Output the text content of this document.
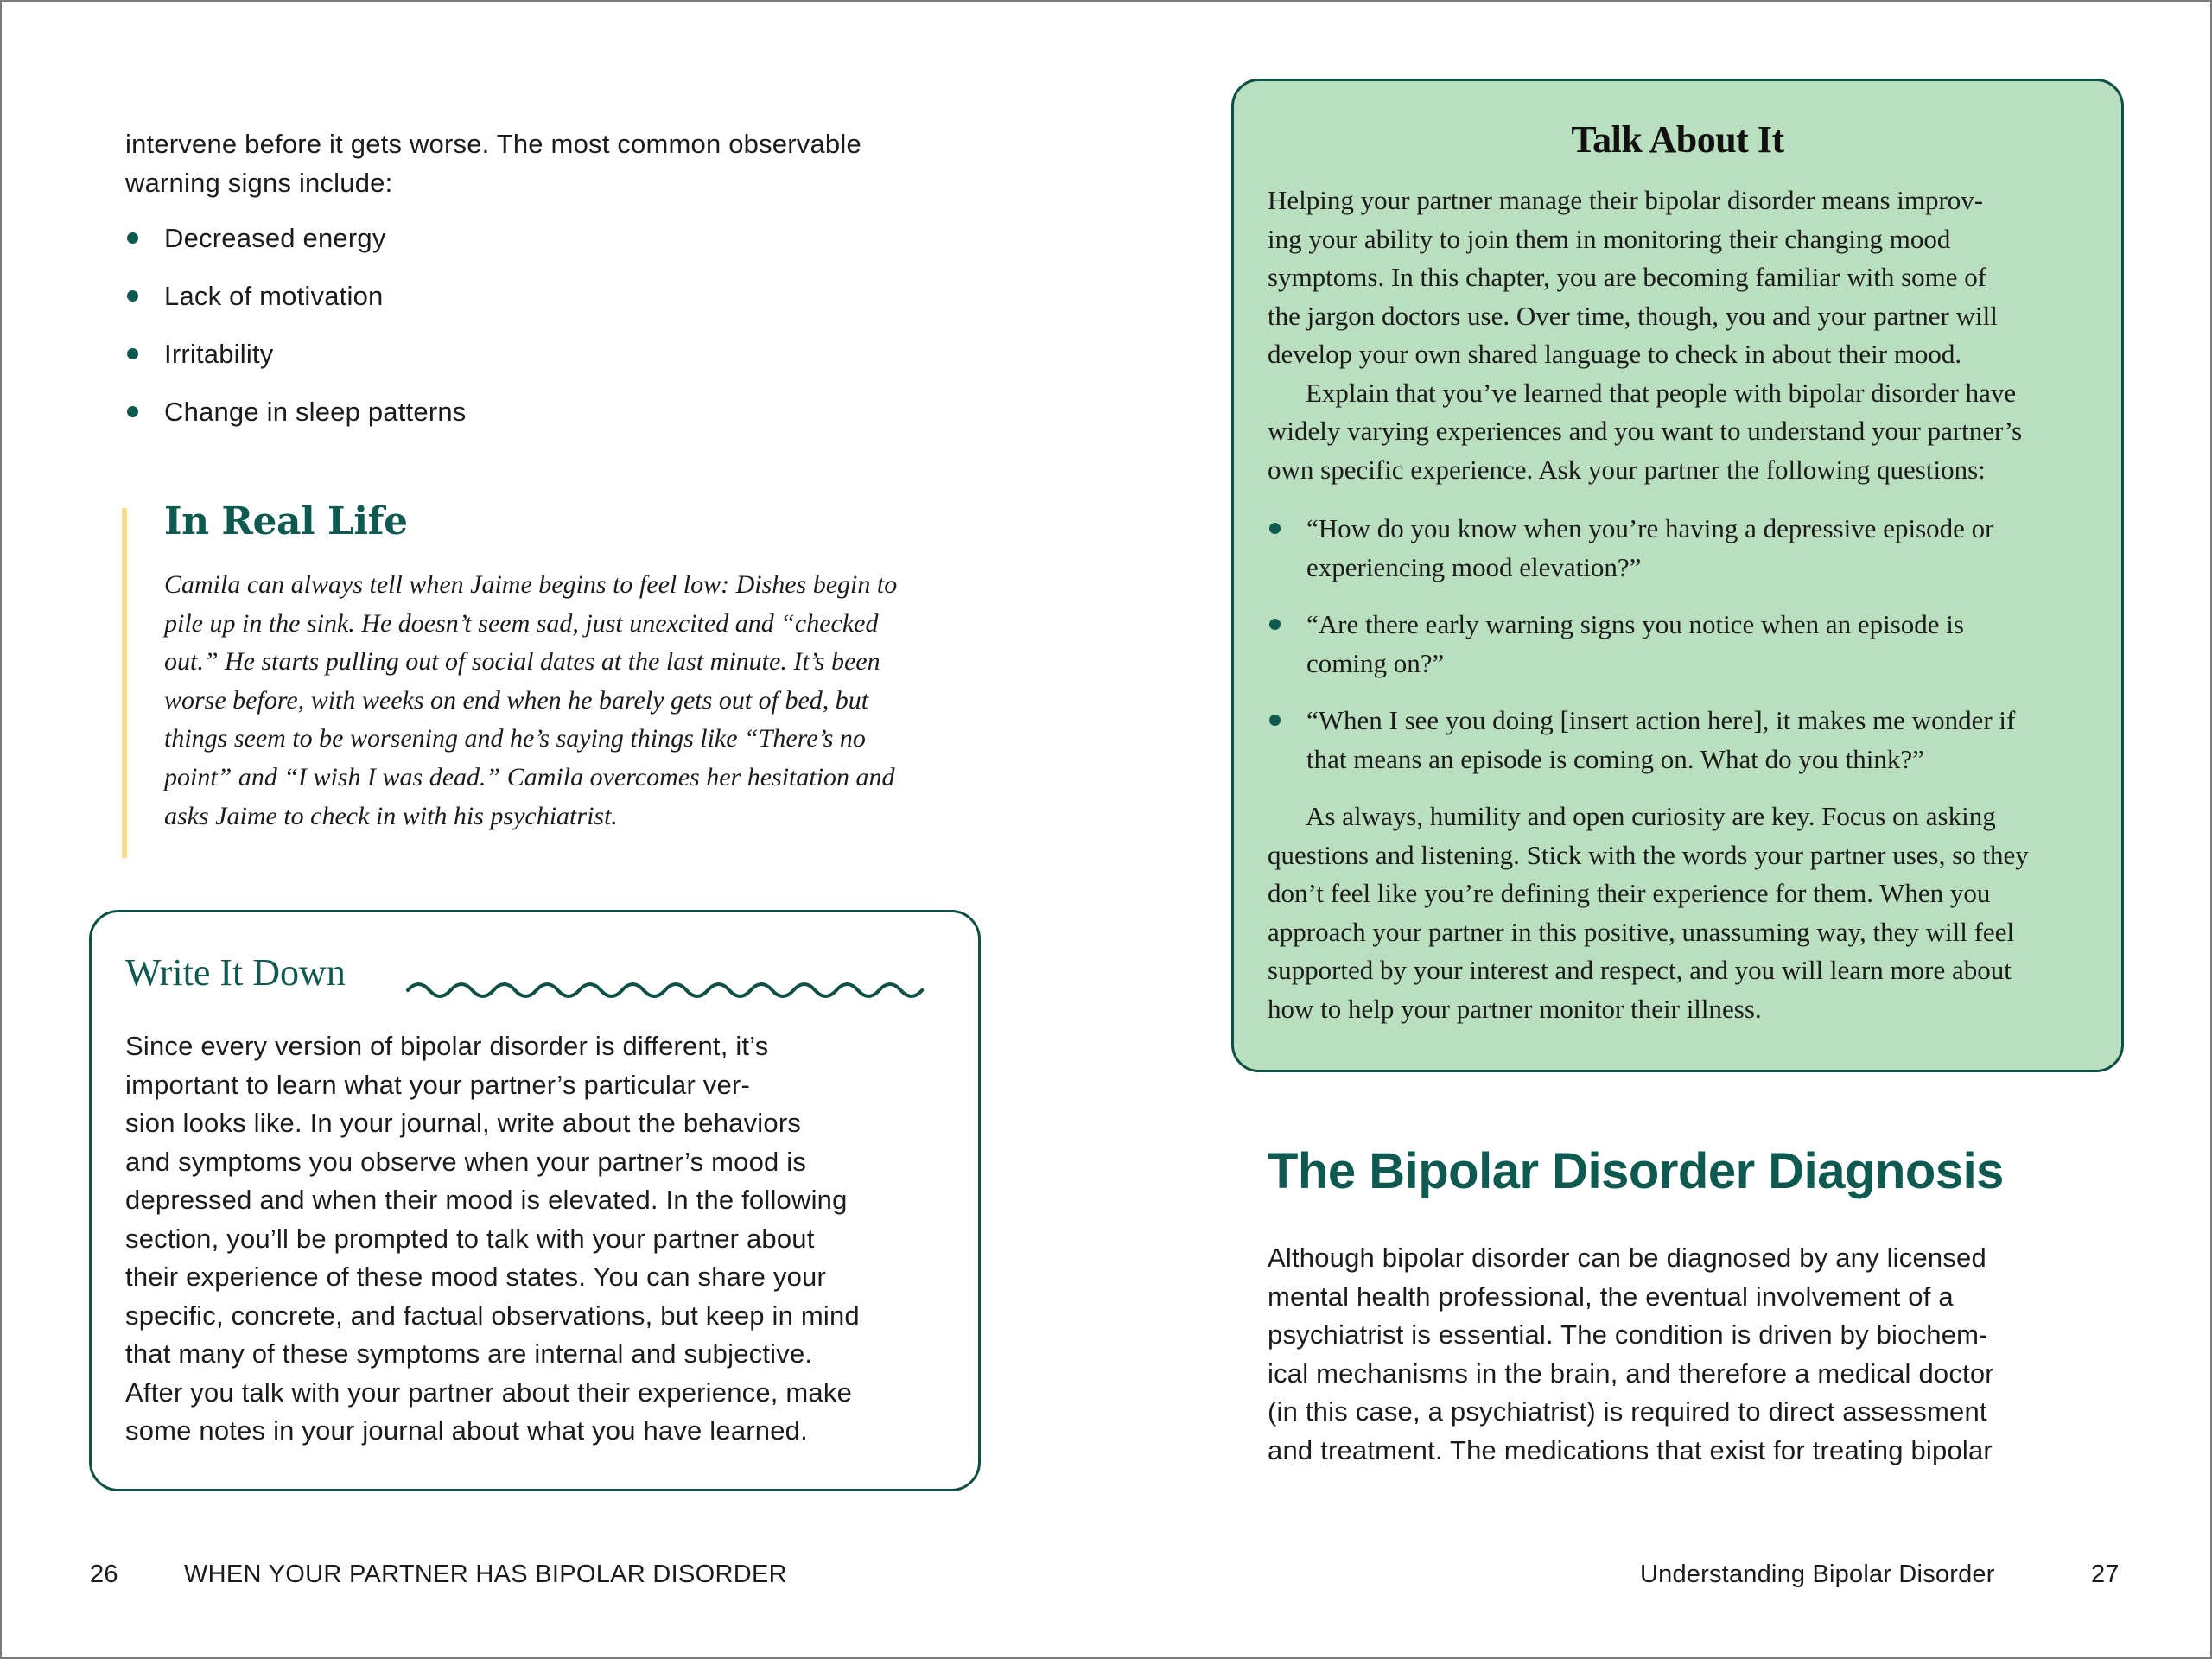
intervene before it gets worse. The most common observable
warning signs include:
Decreased energy
Lack of motivation
Irritability
Change in sleep patterns
In Real Life
Camila can always tell when Jaime begins to feel low: Dishes begin to
pile up in the sink. He doesn’t seem sad, just unexcited and “checked
out.” He starts pulling out of social dates at the last minute. It’s been
worse before, with weeks on end when he barely gets out of bed, but
things seem to be worsening and he’s saying things like “There’s no
point” and “I wish I was dead.” Camila overcomes her hesitation and
asks Jaime to check in with his psychiatrist.
Write It Down
Since every version of bipolar disorder is different, it’s
important to learn what your partner’s particular ver-
sion looks like. In your journal, write about the behaviors
and symptoms you observe when your partner’s mood is
depressed and when their mood is elevated. In the following
section, you’ll be prompted to talk with your partner about
their experience of these mood states. You can share your
specific, concrete, and factual observations, but keep in mind
that many of these symptoms are internal and subjective.
After you talk with your partner about their experience, make
some notes in your journal about what you have learned.
26	WHEN YOUR PARTNER HAS BIPOLAR DISORDER
Talk About It
Helping your partner manage their bipolar disorder means improv-
ing your ability to join them in monitoring their changing mood
symptoms. In this chapter, you are becoming familiar with some of
the jargon doctors use. Over time, though, you and your partner will
develop your own shared language to check in about their mood.
Explain that you’ve learned that people with bipolar disorder have
widely varying experiences and you want to understand your partner’s
own specific experience. Ask your partner the following questions:
“How do you know when you’re having a depressive episode or
experiencing mood elevation?”
“Are there early warning signs you notice when an episode is
coming on?”
“When I see you doing [insert action here], it makes me wonder if
that means an episode is coming on. What do you think?”
As always, humility and open curiosity are key. Focus on asking
questions and listening. Stick with the words your partner uses, so they
don’t feel like you’re defining their experience for them. When you
approach your partner in this positive, unassuming way, they will feel
supported by your interest and respect, and you will learn more about
how to help your partner monitor their illness.
The Bipolar Disorder Diagnosis
Although bipolar disorder can be diagnosed by any licensed
mental health professional, the eventual involvement of a
psychiatrist is essential. The condition is driven by biochem-
ical mechanisms in the brain, and therefore a medical doctor
(in this case, a psychiatrist) is required to direct assessment
and treatment. The medications that exist for treating bipolar
Understanding Bipolar Disorder	27
